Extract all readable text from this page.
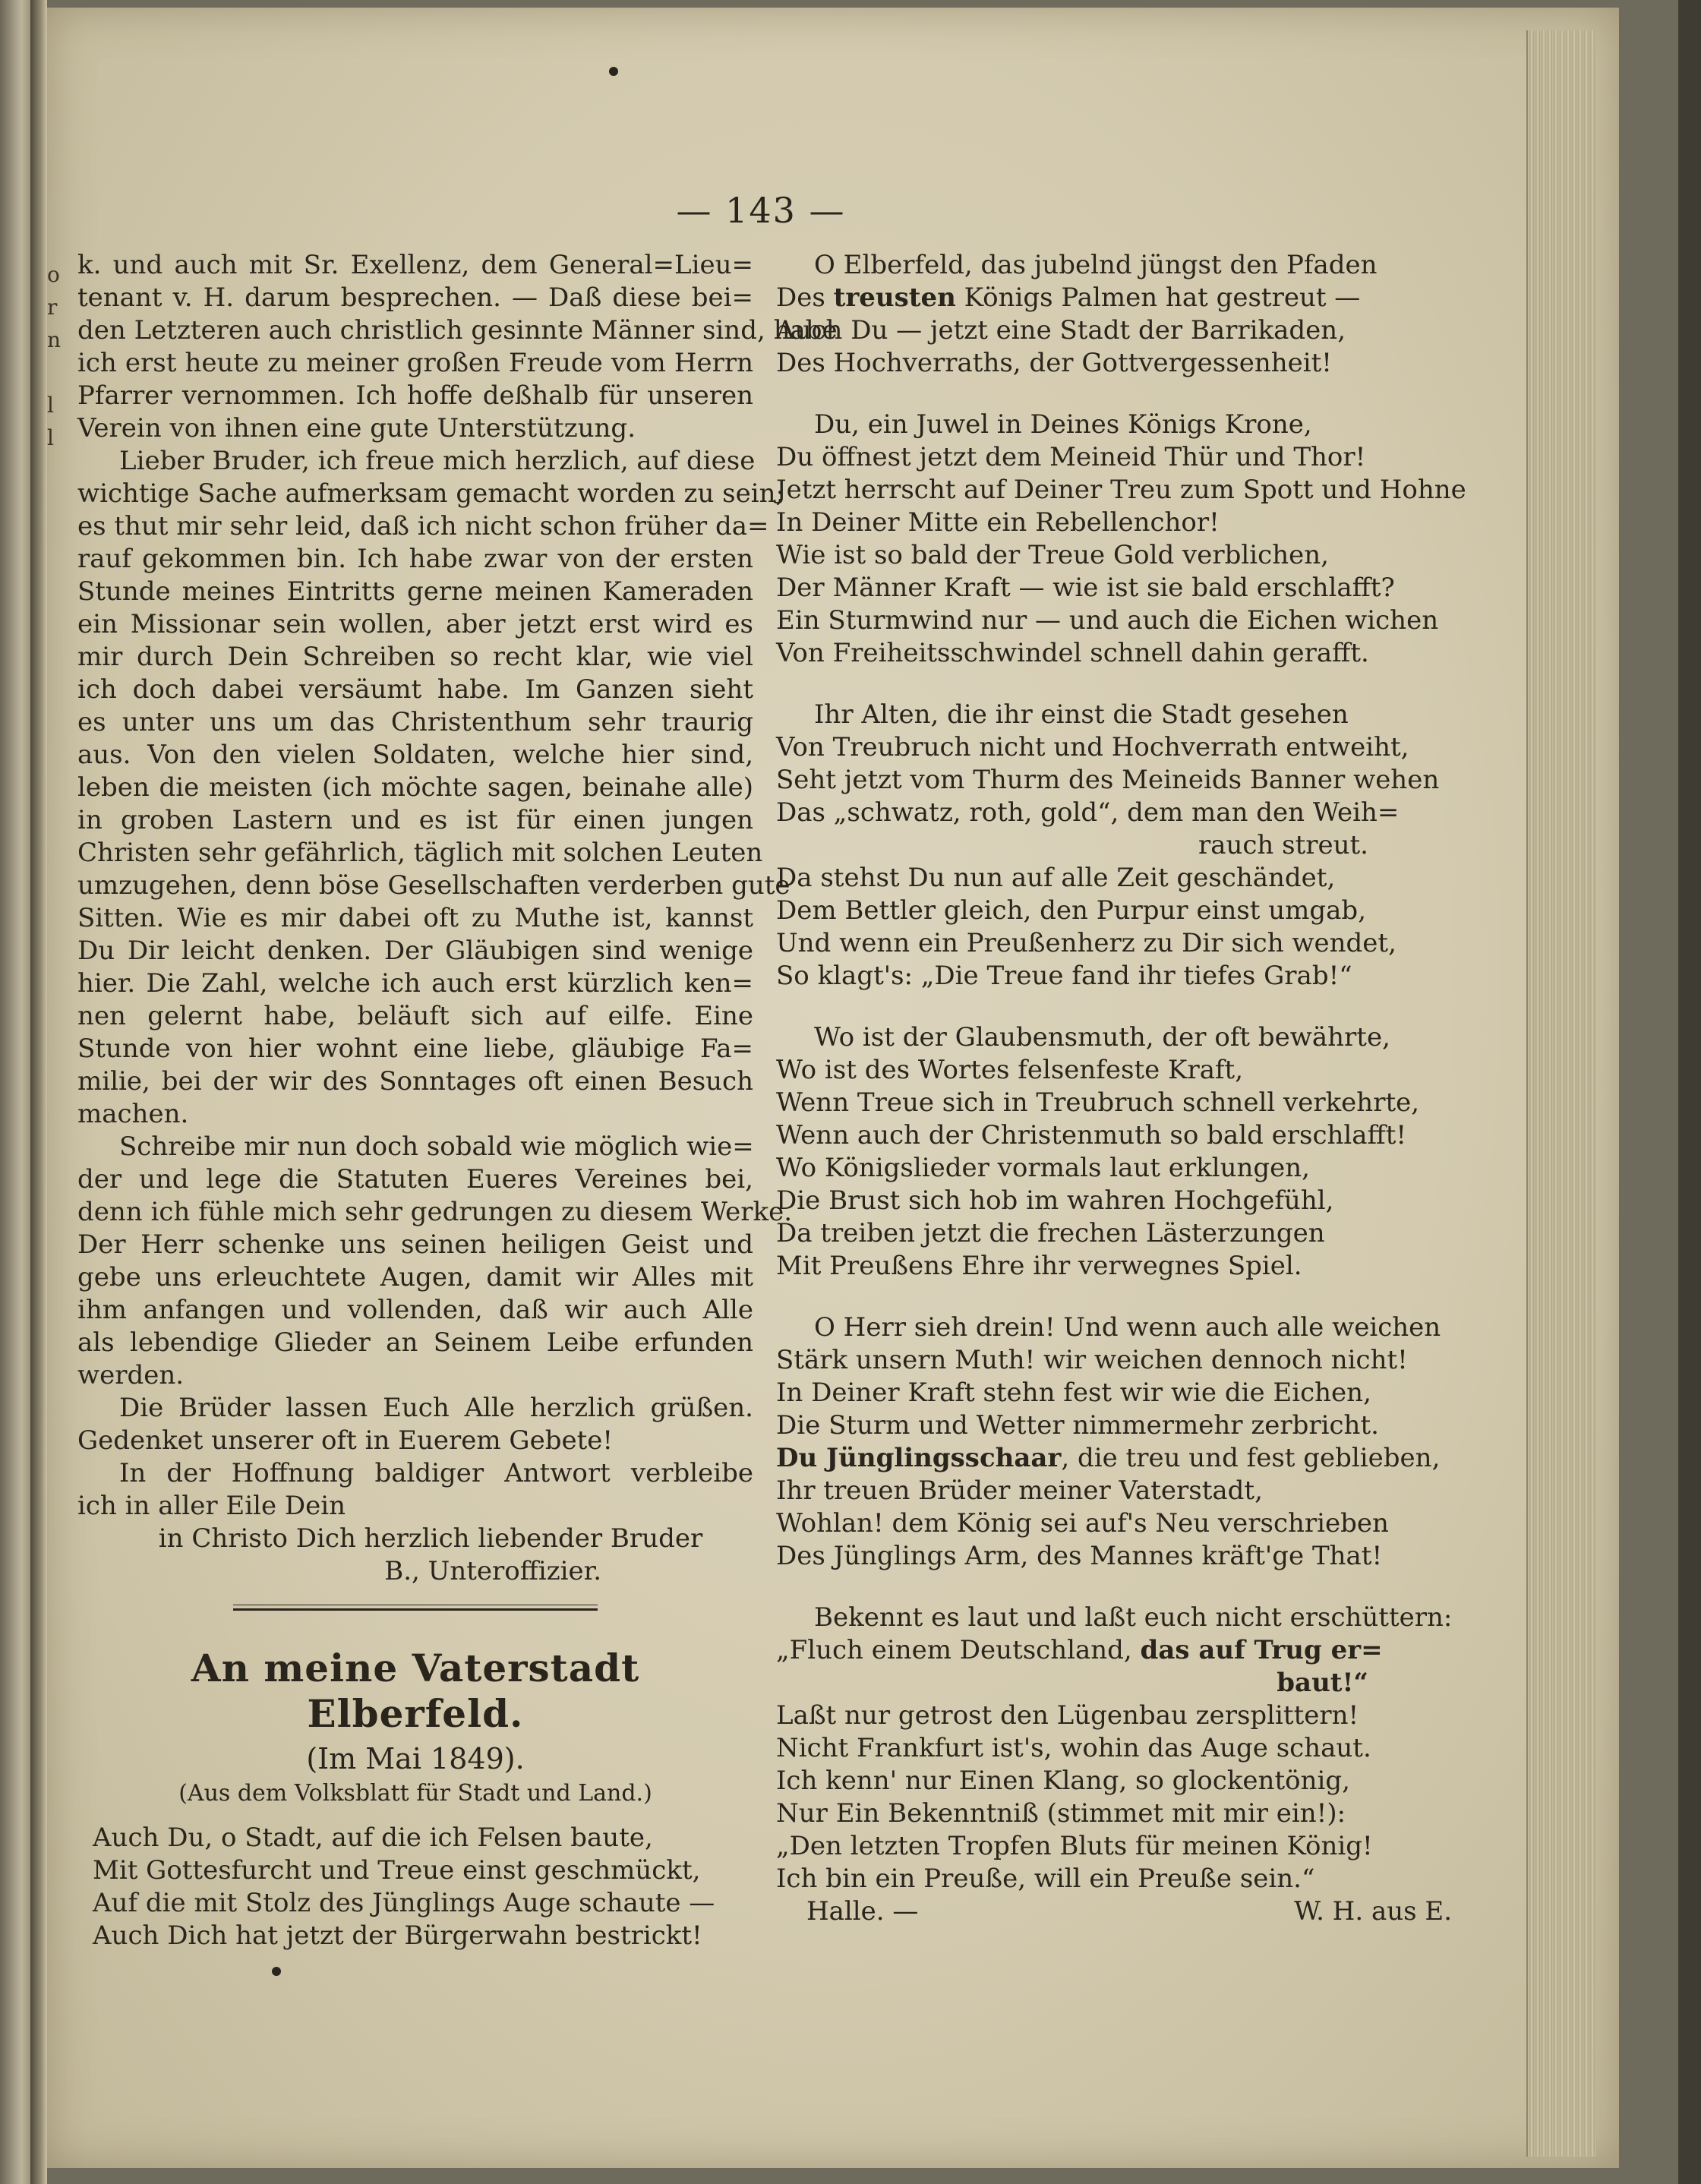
o
r
n
l
l
— 143 —
k. und auch mit Sr. Exellenz, dem General=Lieu=
tenant v. H. darum besprechen. — Daß diese bei=
den Letzteren auch christlich gesinnte Männer sind, habe
ich erst heute zu meiner großen Freude vom Herrn
Pfarrer vernommen. Ich hoffe deßhalb für unseren
Verein von ihnen eine gute Unterstützung.
Lieber Bruder, ich freue mich herzlich, auf diese
wichtige Sache aufmerksam gemacht worden zu sein;
es thut mir sehr leid, daß ich nicht schon früher da=
rauf gekommen bin. Ich habe zwar von der ersten
Stunde meines Eintritts gerne meinen Kameraden
ein Missionar sein wollen, aber jetzt erst wird es
mir durch Dein Schreiben so recht klar, wie viel
ich doch dabei versäumt habe. Im Ganzen sieht
es unter uns um das Christenthum sehr traurig
aus. Von den vielen Soldaten, welche hier sind,
leben die meisten (ich möchte sagen, beinahe alle)
in groben Lastern und es ist für einen jungen
Christen sehr gefährlich, täglich mit solchen Leuten
umzugehen, denn böse Gesellschaften verderben gute
Sitten. Wie es mir dabei oft zu Muthe ist, kannst
Du Dir leicht denken. Der Gläubigen sind wenige
hier. Die Zahl, welche ich auch erst kürzlich ken=
nen gelernt habe, beläuft sich auf eilfe. Eine
Stunde von hier wohnt eine liebe, gläubige Fa=
milie, bei der wir des Sonntages oft einen Besuch
machen.
Schreibe mir nun doch sobald wie möglich wie=
der und lege die Statuten Eueres Vereines bei,
denn ich fühle mich sehr gedrungen zu diesem Werke.
Der Herr schenke uns seinen heiligen Geist und
gebe uns erleuchtete Augen, damit wir Alles mit
ihm anfangen und vollenden, daß wir auch Alle
als lebendige Glieder an Seinem Leibe erfunden
werden.
Die Brüder lassen Euch Alle herzlich grüßen.
Gedenket unserer oft in Euerem Gebete!
In der Hoffnung baldiger Antwort verbleibe
ich in aller Eile Dein
in Christo Dich herzlich liebender Bruder
B., Unteroffizier.
An meine Vaterstadt Elberfeld.
(Im Mai 1849).
(Aus dem Volksblatt für Stadt und Land.)
Auch Du, o Stadt, auf die ich Felsen baute,
Mit Gottesfurcht und Treue einst geschmückt,
Auf die mit Stolz des Jünglings Auge schaute —
Auch Dich hat jetzt der Bürgerwahn bestrickt!
O Elberfeld, das jubelnd jüngst den Pfaden
Des treusten Königs Palmen hat gestreut —
Auch Du — jetzt eine Stadt der Barrikaden,
Des Hochverraths, der Gottvergessenheit!
Du, ein Juwel in Deines Königs Krone,
Du öffnest jetzt dem Meineid Thür und Thor!
Jetzt herrscht auf Deiner Treu zum Spott und Hohne
In Deiner Mitte ein Rebellenchor!
Wie ist so bald der Treue Gold verblichen,
Der Männer Kraft — wie ist sie bald erschlafft?
Ein Sturmwind nur — und auch die Eichen wichen
Von Freiheitsschwindel schnell dahin gerafft.
Ihr Alten, die ihr einst die Stadt gesehen
Von Treubruch nicht und Hochverrath entweiht,
Seht jetzt vom Thurm des Meineids Banner wehen
Das „schwatz, roth, gold“, dem man den Weih=
rauch streut.
Da stehst Du nun auf alle Zeit geschändet,
Dem Bettler gleich, den Purpur einst umgab,
Und wenn ein Preußenherz zu Dir sich wendet,
So klagt's: „Die Treue fand ihr tiefes Grab!“
Wo ist der Glaubensmuth, der oft bewährte,
Wo ist des Wortes felsenfeste Kraft,
Wenn Treue sich in Treubruch schnell verkehrte,
Wenn auch der Christenmuth so bald erschlafft!
Wo Königslieder vormals laut erklungen,
Die Brust sich hob im wahren Hochgefühl,
Da treiben jetzt die frechen Lästerzungen
Mit Preußens Ehre ihr verwegnes Spiel.
O Herr sieh drein! Und wenn auch alle weichen
Stärk unsern Muth! wir weichen dennoch nicht!
In Deiner Kraft stehn fest wir wie die Eichen,
Die Sturm und Wetter nimmermehr zerbricht.
Du Jünglingsschaar, die treu und fest geblieben,
Ihr treuen Brüder meiner Vaterstadt,
Wohlan! dem König sei auf's Neu verschrieben
Des Jünglings Arm, des Mannes kräft'ge That!
Bekennt es laut und laßt euch nicht erschüttern:
„Fluch einem Deutschland, das auf Trug er=
baut!“
Laßt nur getrost den Lügenbau zersplittern!
Nicht Frankfurt ist's, wohin das Auge schaut.
Ich kenn' nur Einen Klang, so glockentönig,
Nur Ein Bekenntniß (stimmet mit mir ein!):
„Den letzten Tropfen Bluts für meinen König!
Ich bin ein Preuße, will ein Preuße sein.“
Halle. —	W. H. aus E.
